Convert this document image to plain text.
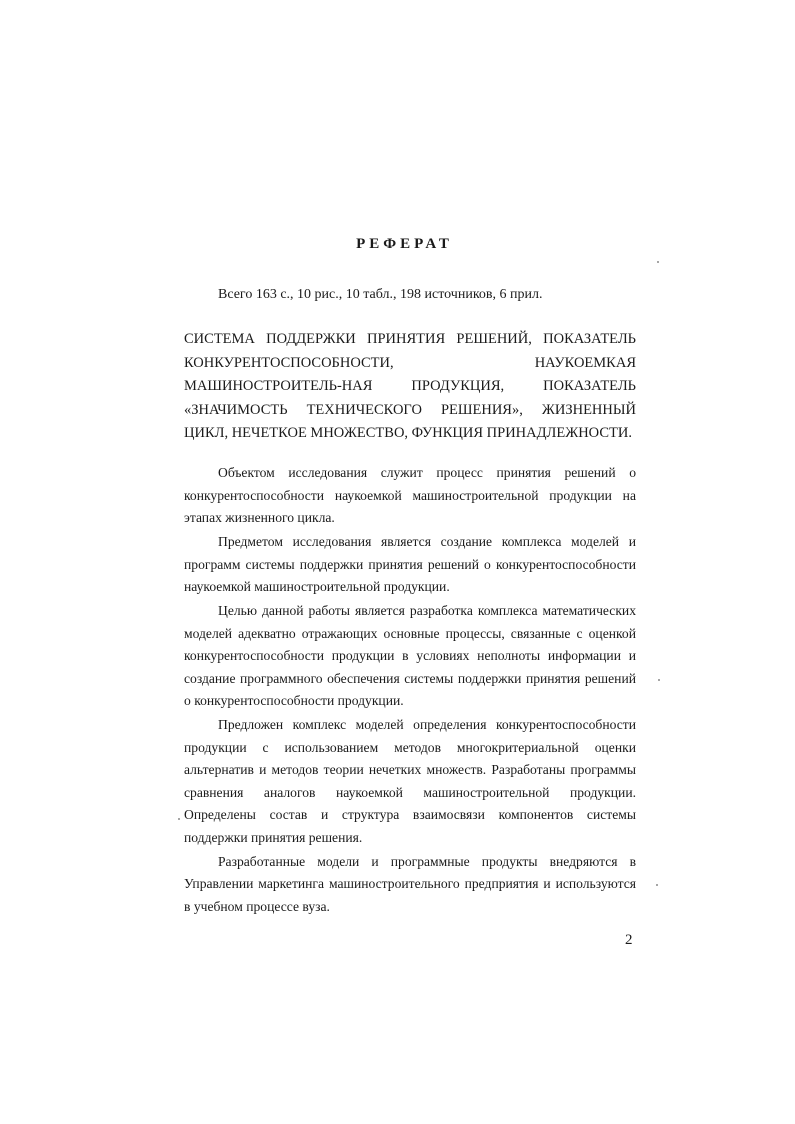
РЕФЕРАТ
Всего 163 с., 10 рис., 10 табл., 198 источников, 6 прил.
СИСТЕМА ПОДДЕРЖКИ ПРИНЯТИЯ РЕШЕНИЙ, ПОКАЗАТЕЛЬ КОНКУРЕНТОСПОСОБНОСТИ, НАУКОЕМКАЯ МАШИНОСТРОИТЕЛЬ-НАЯ ПРОДУКЦИЯ, ПОКАЗАТЕЛЬ «ЗНАЧИМОСТЬ ТЕХНИЧЕСКОГО РЕШЕНИЯ», ЖИЗНЕННЫЙ ЦИКЛ, НЕЧЕТКОЕ МНОЖЕСТВО, ФУНКЦИЯ ПРИНАДЛЕЖНОСТИ.

Объектом исследования служит процесс принятия решений о конкурентоспособности наукоемкой машиностроительной продукции на этапах жизненного цикла.

Предметом исследования является создание комплекса моделей и программ системы поддержки принятия решений о конкурентоспособности наукоемкой машиностроительной продукции.

Целью данной работы является разработка комплекса математических моделей адекватно отражающих основные процессы, связанные с оценкой конкурентоспособности продукции в условиях неполноты информации и создание программного обеспечения системы поддержки принятия решений о конкурентоспособности продукции.

Предложен комплекс моделей определения конкурентоспособности продукции с использованием методов многокритериальной оценки альтернатив и методов теории нечетких множеств. Разработаны программы сравнения аналогов наукоемкой машиностроительной продукции. Определены состав и структура взаимосвязи компонентов системы поддержки принятия решения.

Разработанные модели и программные продукты внедряются в Управлении маркетинга машиностроительного предприятия и используются в учебном процессе вуза.

2
